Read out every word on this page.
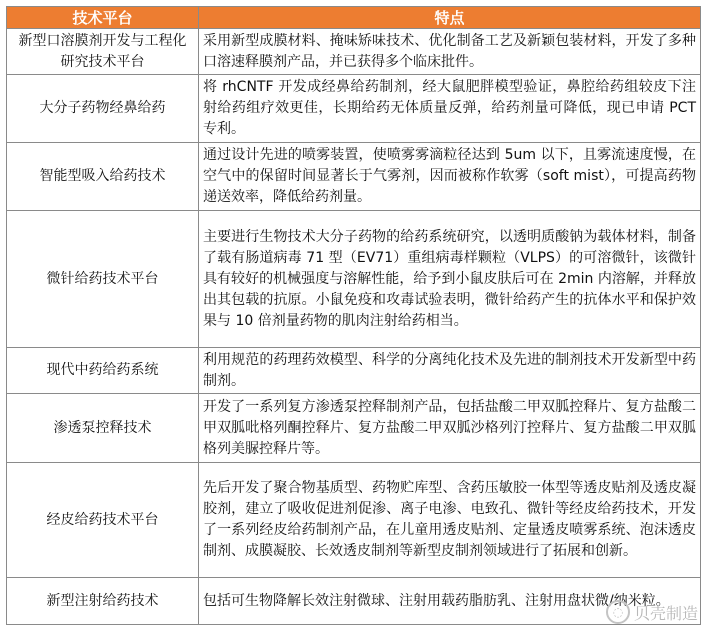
技术平台	特点
新型口溶膜剂开发与工程化研究技术平台	采用新型成膜材料、掩味矫味技术、优化制备工艺及新颖包装材料，开发了多种口溶速释膜剂产品，并已获得多个临床批件。
大分子药物经鼻给药	将 rhCNTF 开发成经鼻给药制剂，经大鼠肥胖模型验证，鼻腔给药组较皮下注射给药组疗效更佳，长期给药无体质量反弹，给药剂量可降低，现已申请 PCT 专利。
智能型吸入给药技术	通过设计先进的喷雾装置，使喷雾雾滴粒径达到 5um 以下，且雾流速度慢，在空气中的保留时间显著长于气雾剂，因而被称作软雾（soft mist），可提高药物递送效率，降低给药剂量。
微针给药技术平台	主要进行生物技术大分子药物的给药系统研究，以透明质酸钠为载体材料，制备了载有肠道病毒 71 型（EV71）重组病毒样颗粒（VLPS）的可溶微针，该微针具有较好的机械强度与溶解性能，给予到小鼠皮肤后可在 2min 内溶解，并释放出其包载的抗原。小鼠免疫和攻毒试验表明，微针给药产生的抗体水平和保护效果与 10 倍剂量药物的肌肉注射给药相当。
现代中药给药系统	利用规范的药理药效模型、科学的分离纯化技术及先进的制剂技术开发新型中药制剂。
渗透泵控释技术	开发了一系列复方渗透泵控释制剂产品，包括盐酸二甲双胍控释片、复方盐酸二甲双胍吡格列酮控释片、复方盐酸二甲双胍沙格列汀控释片、复方盐酸二甲双胍格列美脲控释片等。
经皮给药技术平台	先后开发了聚合物基质型、药物贮库型、含药压敏胶一体型等透皮贴剂及透皮凝胶剂，建立了吸收促进剂促渗、离子电渗、电致孔、微针等经皮给药技术，开发了一系列经皮给药制剂产品，在儿童用透皮贴剂、定量透皮喷雾系统、泡沫透皮制剂、成膜凝胶、长效透皮制剂等新型皮制剂领域进行了拓展和创新。
新型注射给药技术	包括可生物降解长效注射微球、注射用载药脂肪乳、注射用盘状微/纳米粒。
◌ 贝壳制造
